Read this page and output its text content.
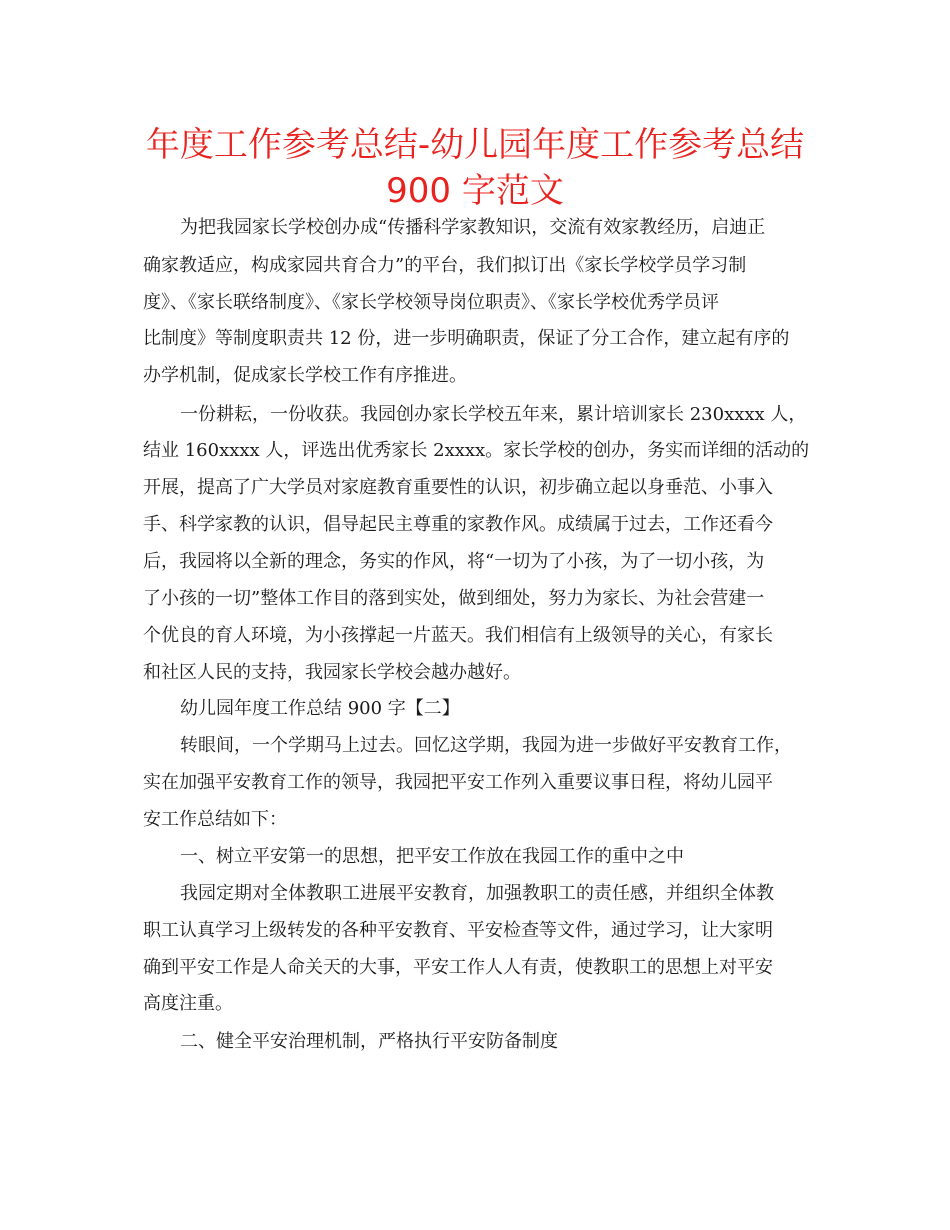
年度工作参考总结-幼儿园年度工作参考总结
900 字范文
为把我园家长学校创办成“传播科学家教知识，交流有效家教经历，启迪正
确家教适应，构成家园共育合力”的平台，我们拟订出《家长学校学员学习制
度》、《家长联络制度》、《家长学校领导岗位职责》、《家长学校优秀学员评
比制度》等制度职责共 12 份，进一步明确职责，保证了分工合作，建立起有序的
办学机制，促成家长学校工作有序推进。
一份耕耘，一份收获。我园创办家长学校五年来，累计培训家长 230xxxx 人，
结业 160xxxx 人，评选出优秀家长 2xxxx。家长学校的创办，务实而详细的活动的
开展，提高了广大学员对家庭教育重要性的认识，初步确立起以身垂范、小事入
手、科学家教的认识，倡导起民主尊重的家教作风。成绩属于过去，工作还看今
后，我园将以全新的理念，务实的作风，将“一切为了小孩，为了一切小孩，为
了小孩的一切”整体工作目的落到实处，做到细处，努力为家长、为社会营建一
个优良的育人环境，为小孩撑起一片蓝天。我们相信有上级领导的关心，有家长
和社区人民的支持，我园家长学校会越办越好。
幼儿园年度工作总结 900 字【二】
转眼间，一个学期马上过去。回忆这学期，我园为进一步做好平安教育工作，
实在加强平安教育工作的领导，我园把平安工作列入重要议事日程，将幼儿园平
安工作总结如下：
一、树立平安第一的思想，把平安工作放在我园工作的重中之中
我园定期对全体教职工进展平安教育，加强教职工的责任感，并组织全体教
职工认真学习上级转发的各种平安教育、平安检查等文件，通过学习，让大家明
确到平安工作是人命关天的大事，平安工作人人有责，使教职工的思想上对平安
高度注重。
二、健全平安治理机制，严格执行平安防备制度
